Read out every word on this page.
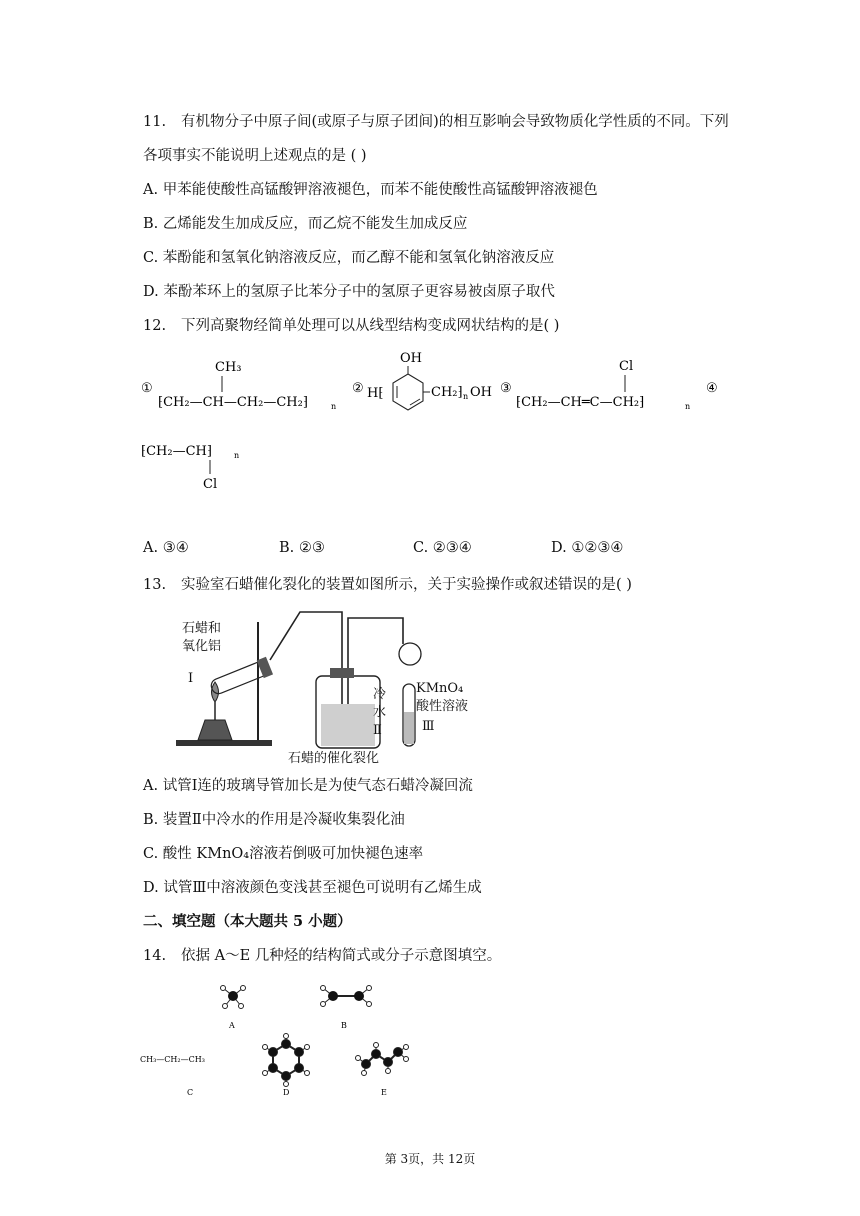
11. 有机物分子中原子间(或原子与原子团间)的相互影响会导致物质化学性质的不同。下列
各项事实不能说明上述观点的是 ( )
A. 甲苯能使酸性高锰酸钾溶液褪色，而苯不能使酸性高锰酸钾溶液褪色
B. 乙烯能发生加成反应，而乙烷不能发生加成反应
C. 苯酚能和氢氧化钠溶液反应，而乙醇不能和氢氧化钠溶液反应
D. 苯酚苯环上的氢原子比苯分子中的氢原子更容易被卤原子取代
12. 下列高聚物经简单处理可以从线型结构变成网状结构的是( )
①
CH₃
⁅CH₂—CH—CH₂—CH₂⁆	n
② H⁅
OH
CH₂⁆ n OH ③
Cl
⁅CH₂—CH═C—CH₂⁆	n
④
⁅CH₂—CH⁆	n
Cl
A. ③④	B. ②③	C. ②③④	D. ①②③④
13. 实验室石蜡催化裂化的装置如图所示，关于实验操作或叙述错误的是( )
石蜡和
氧化铝
Ⅰ
冷
水
Ⅱ
KMnO₄
酸性溶液
Ⅲ
石蜡的催化裂化
A. 试管Ⅰ连的玻璃导管加长是为使气态石蜡冷凝回流
B. 装置Ⅱ中冷水的作用是冷凝收集裂化油
C. 酸性 KMnO₄溶液若倒吸可加快褪色速率
D. 试管Ⅲ中溶液颜色变浅甚至褪色可说明有乙烯生成
二、填空题（本大题共 5 小题）
14. 依据 A～E 几种烃的结构简式或分子示意图填空。
A	B
CH₃—CH₂—CH₃
C	D	E
第 3页，共 12页
